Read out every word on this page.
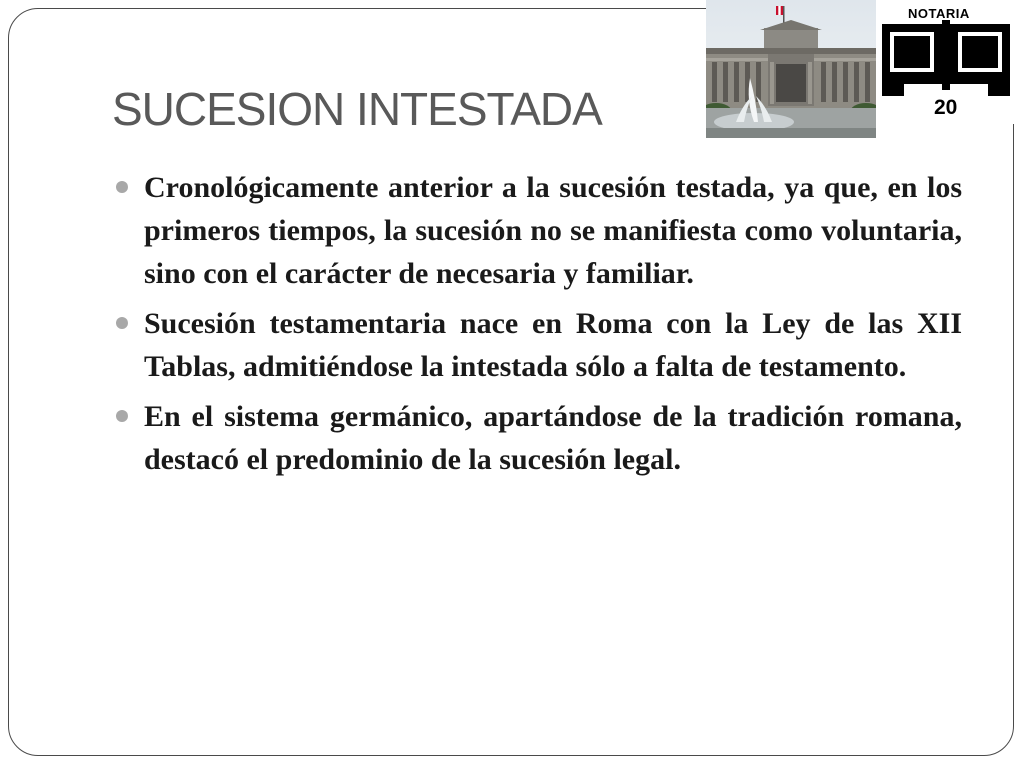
SUCESION INTESTADA
NOTARIA
20
Cronológicamente anterior a la sucesión testada, ya que, en los primeros tiempos, la sucesión no se manifiesta como voluntaria, sino con el carácter de necesaria y familiar.
Sucesión testamentaria nace en Roma con la Ley de las XII Tablas, admitiéndose la intestada sólo a falta de testamento.
En el sistema germánico, apartándose de la tradición romana, destacó el predominio de la sucesión legal.
